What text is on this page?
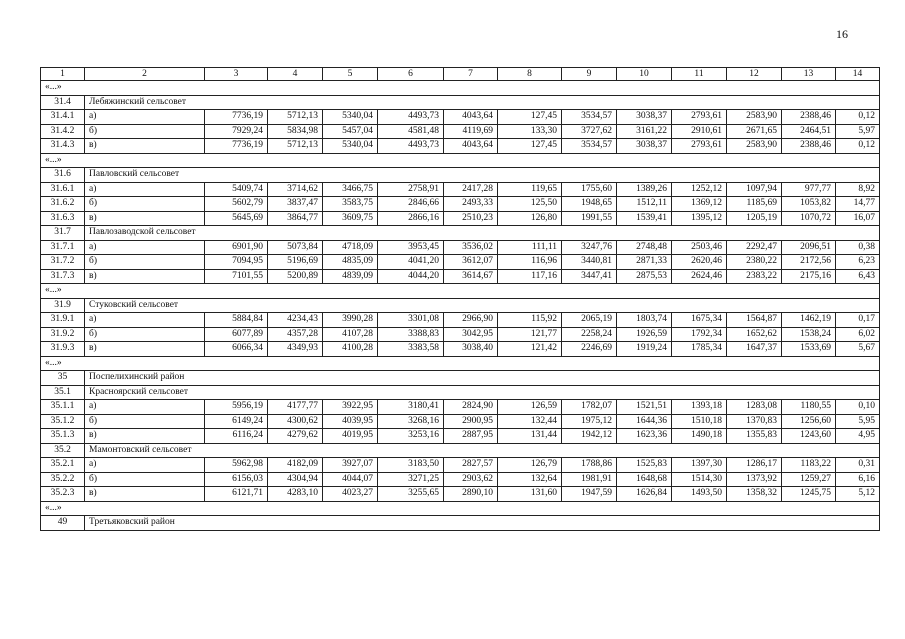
16
1	2	3	4	5	6	7	8	9	10	11	12	13	14
«...»													
31.4	Лебяжинский сельсовет												
31.4.1	а)	7736,19	5712,13	5340,04	4493,73	4043,64	127,45	3534,57	3038,37	2793,61	2583,90	2388,46	0,12
31.4.2	б)	7929,24	5834,98	5457,04	4581,48	4119,69	133,30	3727,62	3161,22	2910,61	2671,65	2464,51	5,97
31.4.3	в)	7736,19	5712,13	5340,04	4493,73	4043,64	127,45	3534,57	3038,37	2793,61	2583,90	2388,46	0,12
«...»													
31.6	Павловский сельсовет												
31.6.1	а)	5409,74	3714,62	3466,75	2758,91	2417,28	119,65	1755,60	1389,26	1252,12	1097,94	977,77	8,92
31.6.2	б)	5602,79	3837,47	3583,75	2846,66	2493,33	125,50	1948,65	1512,11	1369,12	1185,69	1053,82	14,77
31.6.3	в)	5645,69	3864,77	3609,75	2866,16	2510,23	126,80	1991,55	1539,41	1395,12	1205,19	1070,72	16,07
31.7	Павлозаводской сельсовет												
31.7.1	а)	6901,90	5073,84	4718,09	3953,45	3536,02	111,11	3247,76	2748,48	2503,46	2292,47	2096,51	0,38
31.7.2	б)	7094,95	5196,69	4835,09	4041,20	3612,07	116,96	3440,81	2871,33	2620,46	2380,22	2172,56	6,23
31.7.3	в)	7101,55	5200,89	4839,09	4044,20	3614,67	117,16	3447,41	2875,53	2624,46	2383,22	2175,16	6,43
«...»													
31.9	Стуковский сельсовет												
31.9.1	а)	5884,84	4234,43	3990,28	3301,08	2966,90	115,92	2065,19	1803,74	1675,34	1564,87	1462,19	0,17
31.9.2	б)	6077,89	4357,28	4107,28	3388,83	3042,95	121,77	2258,24	1926,59	1792,34	1652,62	1538,24	6,02
31.9.3	в)	6066,34	4349,93	4100,28	3383,58	3038,40	121,42	2246,69	1919,24	1785,34	1647,37	1533,69	5,67
«...»													
35	Поспелихинский район												
35.1	Красноярский сельсовет												
35.1.1	а)	5956,19	4177,77	3922,95	3180,41	2824,90	126,59	1782,07	1521,51	1393,18	1283,08	1180,55	0,10
35.1.2	б)	6149,24	4300,62	4039,95	3268,16	2900,95	132,44	1975,12	1644,36	1510,18	1370,83	1256,60	5,95
35.1.3	в)	6116,24	4279,62	4019,95	3253,16	2887,95	131,44	1942,12	1623,36	1490,18	1355,83	1243,60	4,95
35.2	Мамонтовский сельсовет												
35.2.1	а)	5962,98	4182,09	3927,07	3183,50	2827,57	126,79	1788,86	1525,83	1397,30	1286,17	1183,22	0,31
35.2.2	б)	6156,03	4304,94	4044,07	3271,25	2903,62	132,64	1981,91	1648,68	1514,30	1373,92	1259,27	6,16
35.2.3	в)	6121,71	4283,10	4023,27	3255,65	2890,10	131,60	1947,59	1626,84	1493,50	1358,32	1245,75	5,12
«...»													
49	Третьяковский район												
